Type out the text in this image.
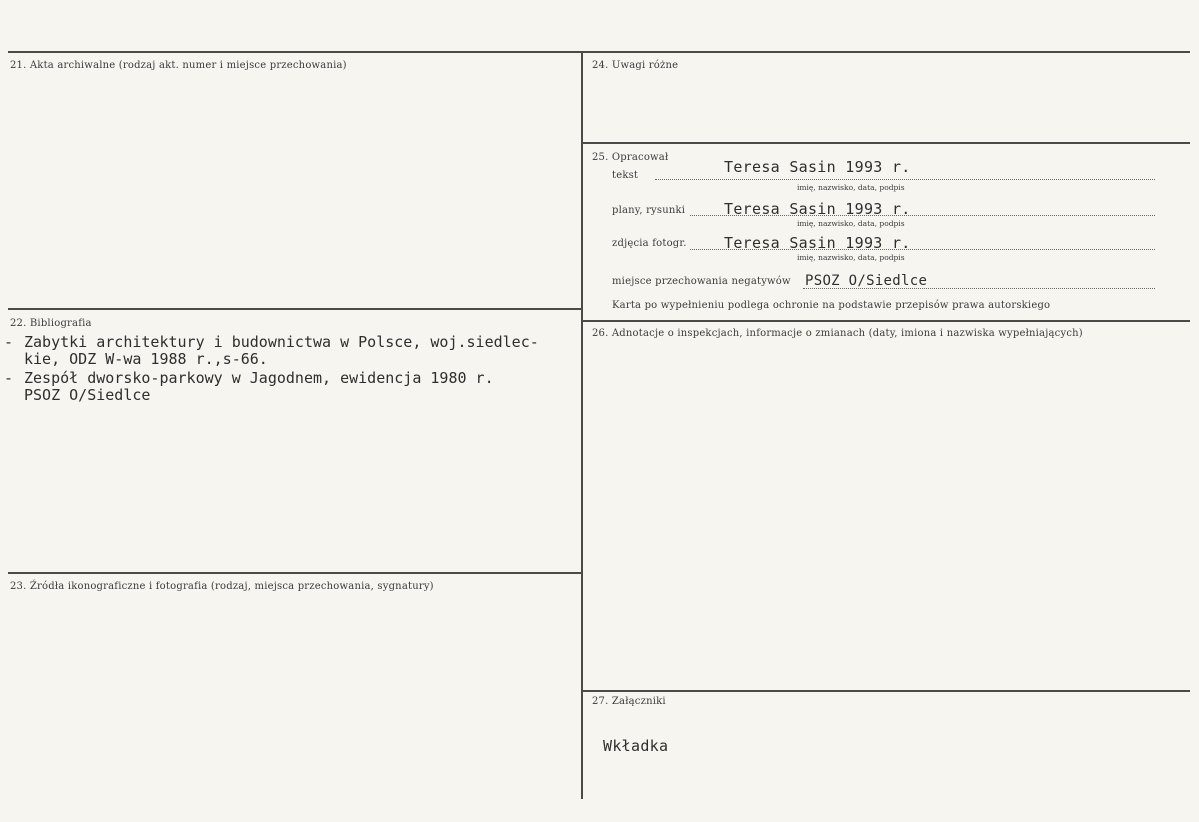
21. Akta archiwalne (rodzaj akt. numer i miejsce przechowania)
22. Bibliografia
- Zabytki architektury i budownictwa w Polsce, woj.siedlec-
kie, ODZ W-wa 1988 r.,s-66.
- Zespół dworsko-parkowy w Jagodnem, ewidencja 1980 r.
PSOZ O/Siedlce
23. Źródła ikonograficzne i fotografia (rodzaj, miejsca przechowania, sygnatury)
24. Uwagi różne
25. Opracował
tekst	Teresa Sasin 1993 r.
imię, nazwisko, data, podpis
plany, rysunki	Teresa Sasin 1993 r.
imię, nazwisko, data, podpis
zdjęcia fotogr. Teresa Sasin 1993 r.
imię, nazwisko, data, podpis
miejsce przechowania negatywów PSOZ O/Siedlce
Karta po wypełnieniu podlega ochronie na podstawie przepisów prawa autorskiego
26. Adnotacje o inspekcjach, informacje o zmianach (daty, imiona i nazwiska wypełniających)
27. Załączniki
Wkładka
